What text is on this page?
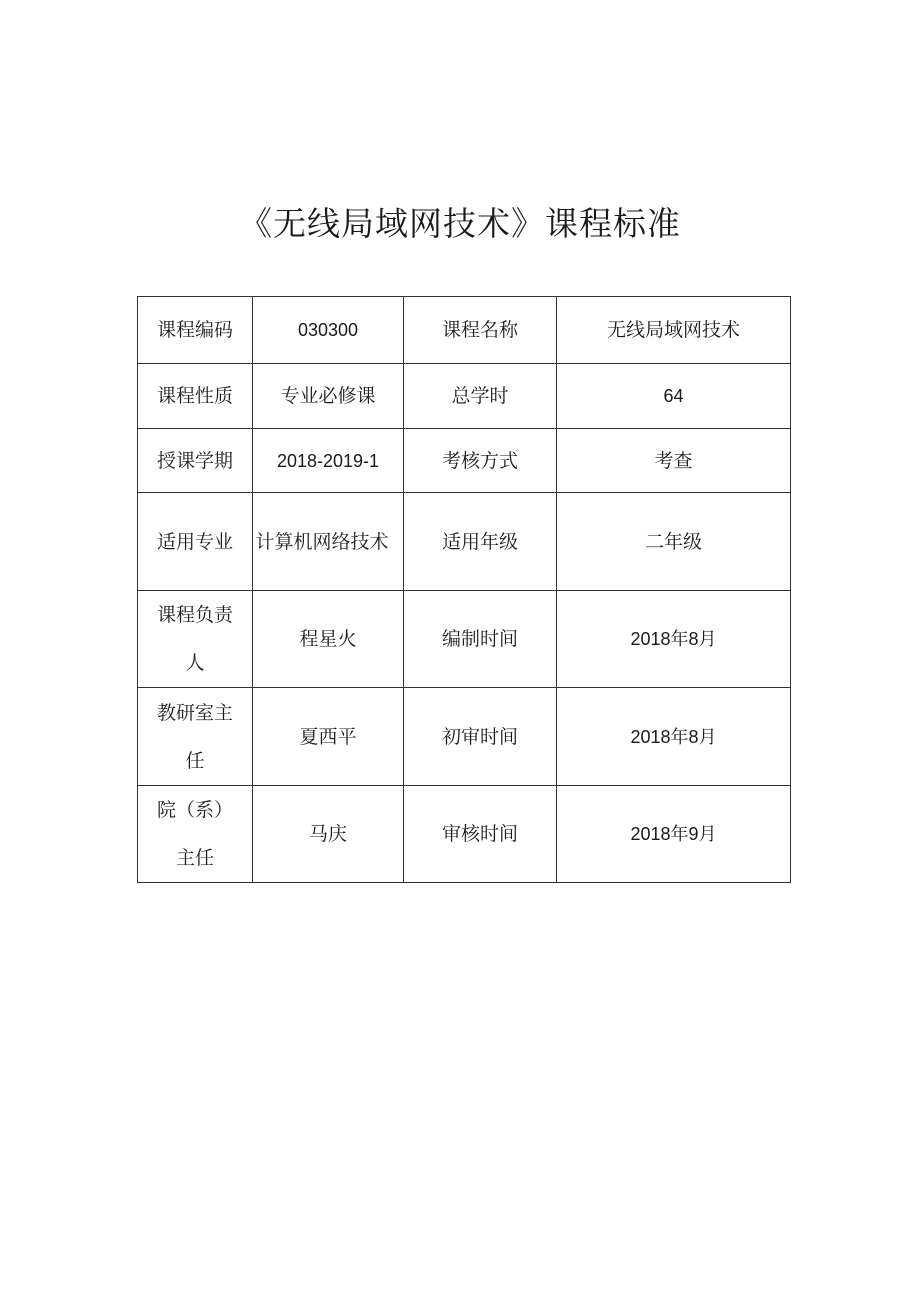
《无线局域网技术》课程标准
课程编码	030300	课程名称	无线局域网技术
课程性质	专业必修课	总学时	64
授课学期	2018-2019-1	考核方式	考查
适用专业	计算机网络技术	适用年级	二年级
课程负责人	程星火	编制时间	2018年8月
教研室主任	夏西平	初审时间	2018年8月
院（系）主任	马庆	审核时间	2018年9月
